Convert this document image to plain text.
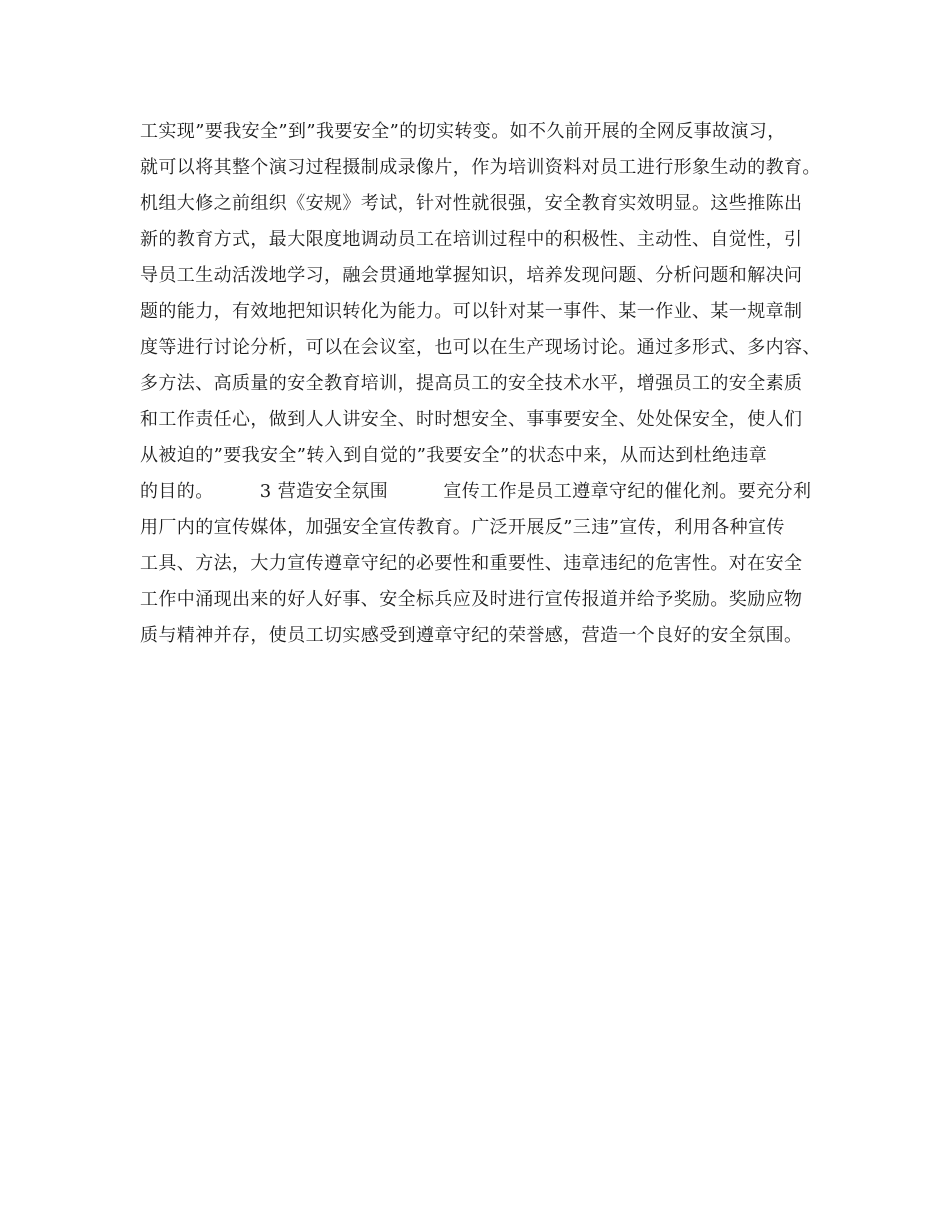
工实现”要我安全”到”我要安全”的切实转变。如不久前开展的全网反事故演习，
就可以将其整个演习过程摄制成录像片，作为培训资料对员工进行形象生动的教育。
机组大修之前组织《安规》考试，针对性就很强，安全教育实效明显。这些推陈出
新的教育方式，最大限度地调动员工在培训过程中的积极性、主动性、自觉性，引
导员工生动活泼地学习，融会贯通地掌握知识，培养发现问题、分析问题和解决问
题的能力，有效地把知识转化为能力。可以针对某一事件、某一作业、某一规章制
度等进行讨论分析，可以在会议室，也可以在生产现场讨论。通过多形式、多内容、
多方法、高质量的安全教育培训，提高员工的安全技术水平，增强员工的安全素质
和工作责任心，做到人人讲安全、时时想安全、事事要安全、处处保安全，使人们
从被迫的”要我安全”转入到自觉的”我要安全”的状态中来，从而达到杜绝违章
的目的。　　　3 营造安全氛围　　　宣传工作是员工遵章守纪的催化剂。要充分利
用厂内的宣传媒体，加强安全宣传教育。广泛开展反”三违”宣传，利用各种宣传
工具、方法，大力宣传遵章守纪的必要性和重要性、违章违纪的危害性。对在安全
工作中涌现出来的好人好事、安全标兵应及时进行宣传报道并给予奖励。奖励应物
质与精神并存，使员工切实感受到遵章守纪的荣誉感，营造一个良好的安全氛围。
